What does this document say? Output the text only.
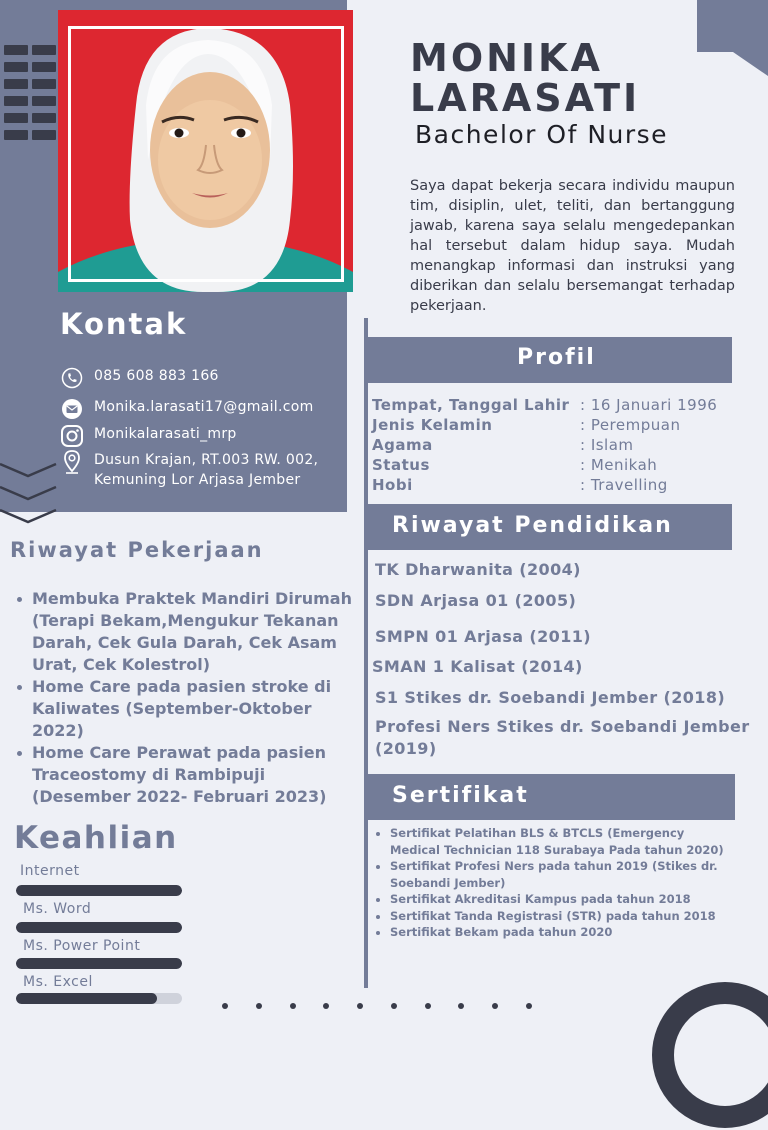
Kontak
085 608 883 166
Monika.larasati17@gmail.com
Monikalarasati_mrp
Dusun Krajan, RT.003 RW. 002, Kemuning Lor Arjasa Jember
Riwayat Pekerjaan
Membuka Praktek Mandiri Dirumah (Terapi Bekam,Mengukur Tekanan Darah, Cek Gula Darah, Cek Asam Urat, Cek Kolestrol)
Home Care pada pasien stroke di Kaliwates (September-Oktober 2022)
Home Care Perawat pada pasien Traceostomy di Rambipuji (Desember 2022- Februari 2023)
Keahlian
Internet
Ms. Word
Ms. Power Point
Ms. Excel
MONIKA
LARASATI
Bachelor Of Nurse
Saya dapat bekerja secara individu maupun tim, disiplin, ulet, teliti, dan bertanggung jawab, karena saya selalu mengedepankan hal tersebut dalam hidup saya. Mudah menangkap informasi dan instruksi yang diberikan dan selalu bersemangat terhadap pekerjaan.
Profil
Tempat, Tanggal Lahir : 16 Januari 1996
Jenis Kelamin	: Perempuan
Agama	: Islam
Status	: Menikah
Hobi	: Travelling
Riwayat Pendidikan
TK Dharwanita (2004)
SDN Arjasa 01 (2005)
SMPN 01 Arjasa (2011)
SMAN 1 Kalisat (2014)
S1 Stikes dr. Soebandi Jember (2018)
Profesi Ners Stikes dr. Soebandi Jember (2019)
Sertifikat
Sertifikat Pelatihan BLS & BTCLS (Emergency Medical Technician 118 Surabaya Pada tahun 2020)
Sertifikat Profesi Ners pada tahun 2019 (Stikes dr. Soebandi Jember)
Sertifikat Akreditasi Kampus pada tahun 2018
Sertifikat Tanda Registrasi (STR) pada tahun 2018
Sertifikat Bekam pada tahun 2020
